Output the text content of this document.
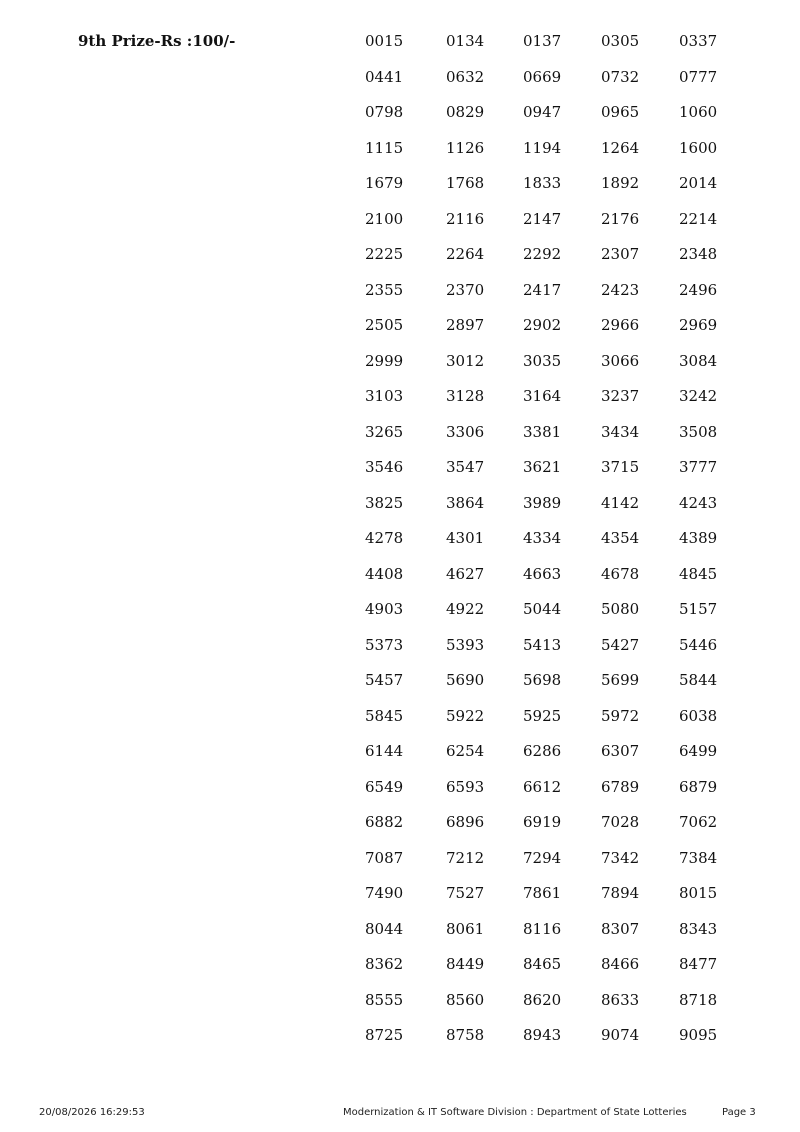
9th Prize-Rs :100/-	0015	0134	0137	0305	0337
0441	0632	0669	0732	0777
0798	0829	0947	0965	1060
1115	1126	1194	1264	1600
1679	1768	1833	1892	2014
2100	2116	2147	2176	2214
2225	2264	2292	2307	2348
2355	2370	2417	2423	2496
2505	2897	2902	2966	2969
2999	3012	3035	3066	3084
3103	3128	3164	3237	3242
3265	3306	3381	3434	3508
3546	3547	3621	3715	3777
3825	3864	3989	4142	4243
4278	4301	4334	4354	4389
4408	4627	4663	4678	4845
4903	4922	5044	5080	5157
5373	5393	5413	5427	5446
5457	5690	5698	5699	5844
5845	5922	5925	5972	6038
6144	6254	6286	6307	6499
6549	6593	6612	6789	6879
6882	6896	6919	7028	7062
7087	7212	7294	7342	7384
7490	7527	7861	7894	8015
8044	8061	8116	8307	8343
8362	8449	8465	8466	8477
8555	8560	8620	8633	8718
8725	8758	8943	9074	9095
20/08/2026 16:29:53	Modernization & IT Software Division : Department of State Lotteries	Page 3
